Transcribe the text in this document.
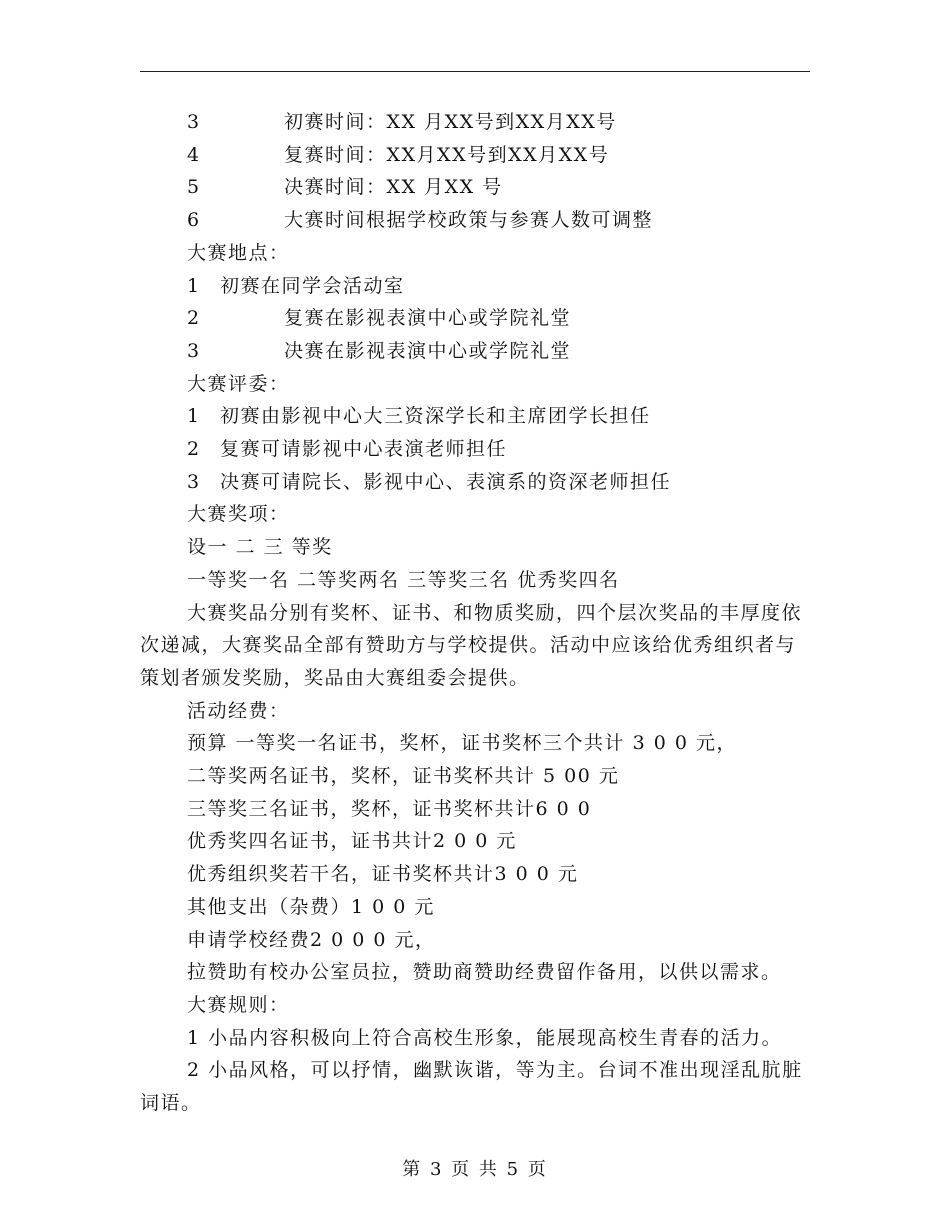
3	初赛时间：XX 月XX号到XX月XX号
4	复赛时间：XX月XX号到XX月XX号
5	决赛时间：XX 月XX 号
6	大赛时间根据学校政策与参赛人数可调整
大赛地点：
1 初赛在同学会活动室
2	复赛在影视表演中心或学院礼堂
3	决赛在影视表演中心或学院礼堂
大赛评委：
1 初赛由影视中心大三资深学长和主席团学长担任
2 复赛可请影视中心表演老师担任
3 决赛可请院长、影视中心、表演系的资深老师担任
大赛奖项：
设一 二 三 等奖
一等奖一名 二等奖两名 三等奖三名 优秀奖四名
大赛奖品分别有奖杯、证书、和物质奖励，四个层次奖品的丰厚度依次递减，大赛奖品全部有赞助方与学校提供。活动中应该给优秀组织者与策划者颁发奖励，奖品由大赛组委会提供。
活动经费：
预算 一等奖一名证书，奖杯，证书奖杯三个共计 3 0 0 元，
二等奖两名证书，奖杯，证书奖杯共计 5 00 元
三等奖三名证书，奖杯，证书奖杯共计6 0 0
优秀奖四名证书，证书共计2 0 0 元
优秀组织奖若干名，证书奖杯共计3 0 0 元
其他支出（杂费）1 0 0 元
申请学校经费2 0 0 0 元，
拉赞助有校办公室员拉，赞助商赞助经费留作备用，以供以需求。
大赛规则：
1 小品内容积极向上符合高校生形象，能展现高校生青春的活力。
2 小品风格，可以抒情，幽默诙谐，等为主。台词不准出现淫乱肮脏词语。
第 3 页 共 5 页
